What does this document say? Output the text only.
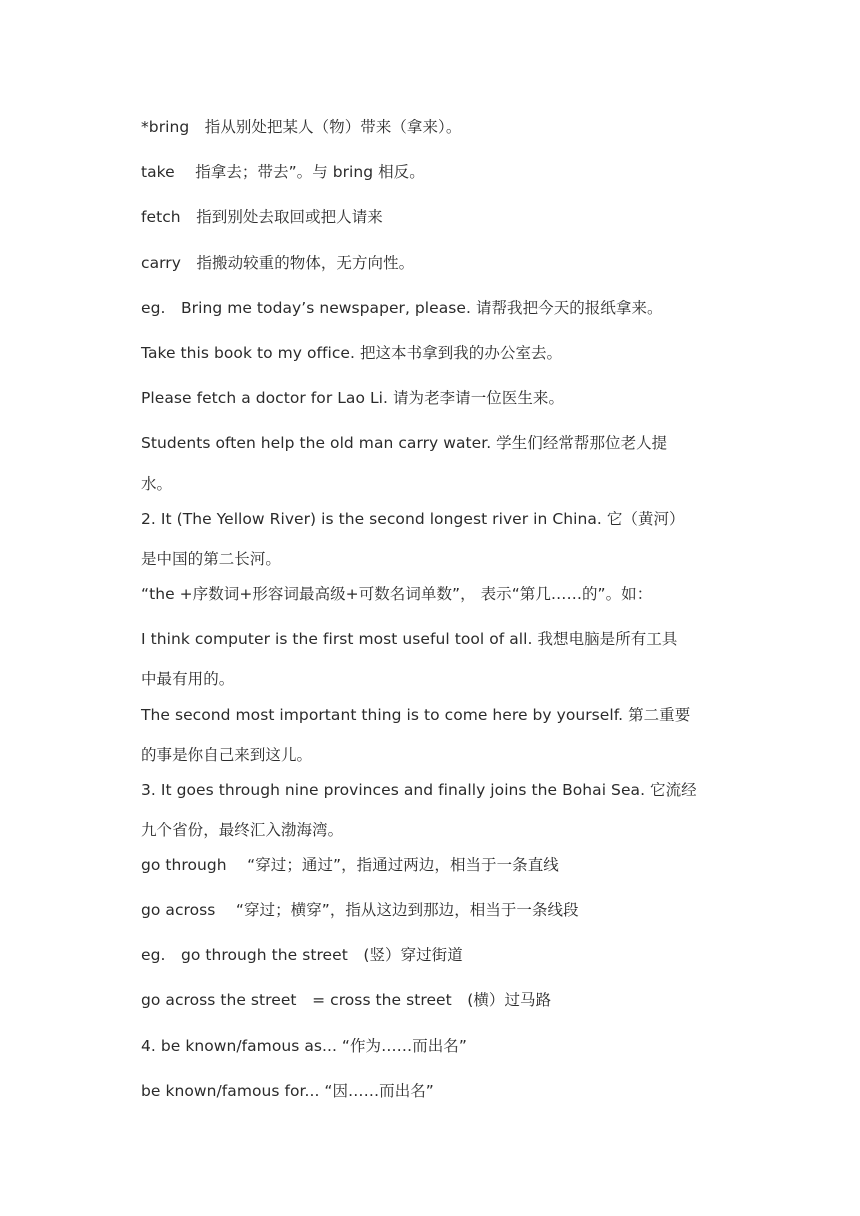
*bring　指从别处把某人（物）带来（拿来）。
take　 指拿去；带去”。与 bring 相反。
fetch　指到别处去取回或把人请来
carry　指搬动较重的物体，无方向性。
eg.　Bring me today’s newspaper, please. 请帮我把今天的报纸拿来。
Take this book to my office. 把这本书拿到我的办公室去。
Please fetch a doctor for Lao Li. 请为老李请一位医生来。
Students often help the old man carry water. 学生们经常帮那位老人提
水。
2. It (The Yellow River) is the second longest river in China. 它（黄河）
是中国的第二长河。
“the +序数词+形容词最高级+可数名词单数”， 表示“第几……的”。如：
I think computer is the first most useful tool of all. 我想电脑是所有工具
中最有用的。
The second most important thing is to come here by yourself. 第二重要
的事是你自己来到这儿。
3. It goes through nine provinces and finally joins the Bohai Sea. 它流经
九个省份，最终汇入渤海湾。
go through　 “穿过；通过”，指通过两边，相当于一条直线
go across　 “穿过；横穿”，指从这边到那边，相当于一条线段
eg.　go through the street　(竖）穿过街道
go across the street　= cross the street　(横）过马路
4. be known/famous as... “作为……而出名”
be known/famous for... “因……而出名”
